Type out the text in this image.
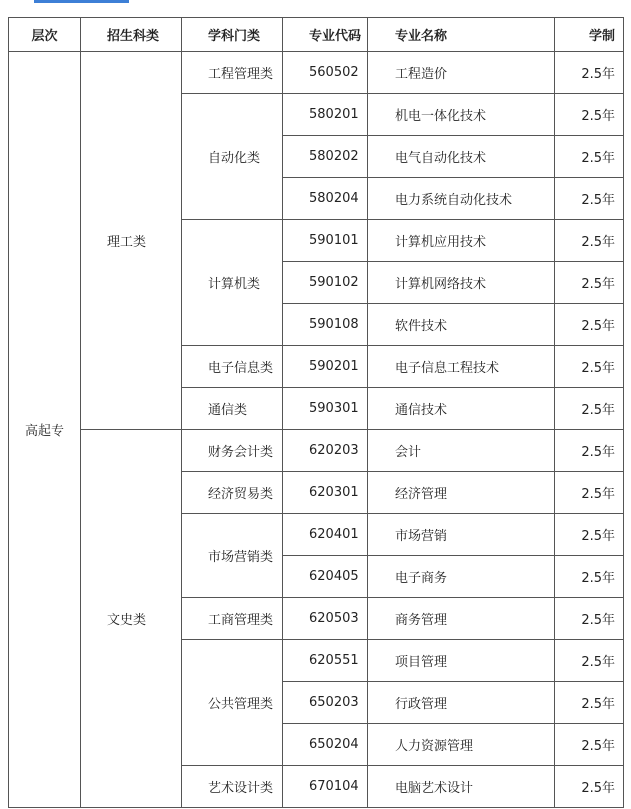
层次	招生科类	学科门类	专业代码	专业名称	学制
高起专	理工类	工程管理类	560502	工程造价	2.5年
		自动化类	580201	机电一体化技术	2.5年
			580202	电气自动化技术	2.5年
			580204	电力系统自动化技术	2.5年
		计算机类	590101	计算机应用技术	2.5年
			590102	计算机网络技术	2.5年
			590108	软件技术	2.5年
		电子信息类	590201	电子信息工程技术	2.5年
		通信类	590301	通信技术	2.5年
	文史类	财务会计类	620203	会计	2.5年
		经济贸易类	620301	经济管理	2.5年
		市场营销类	620401	市场营销	2.5年
			620405	电子商务	2.5年
		工商管理类	620503	商务管理	2.5年
		公共管理类	620551	项目管理	2.5年
			650203	行政管理	2.5年
			650204	人力资源管理	2.5年
		艺术设计类	670104	电脑艺术设计	2.5年
